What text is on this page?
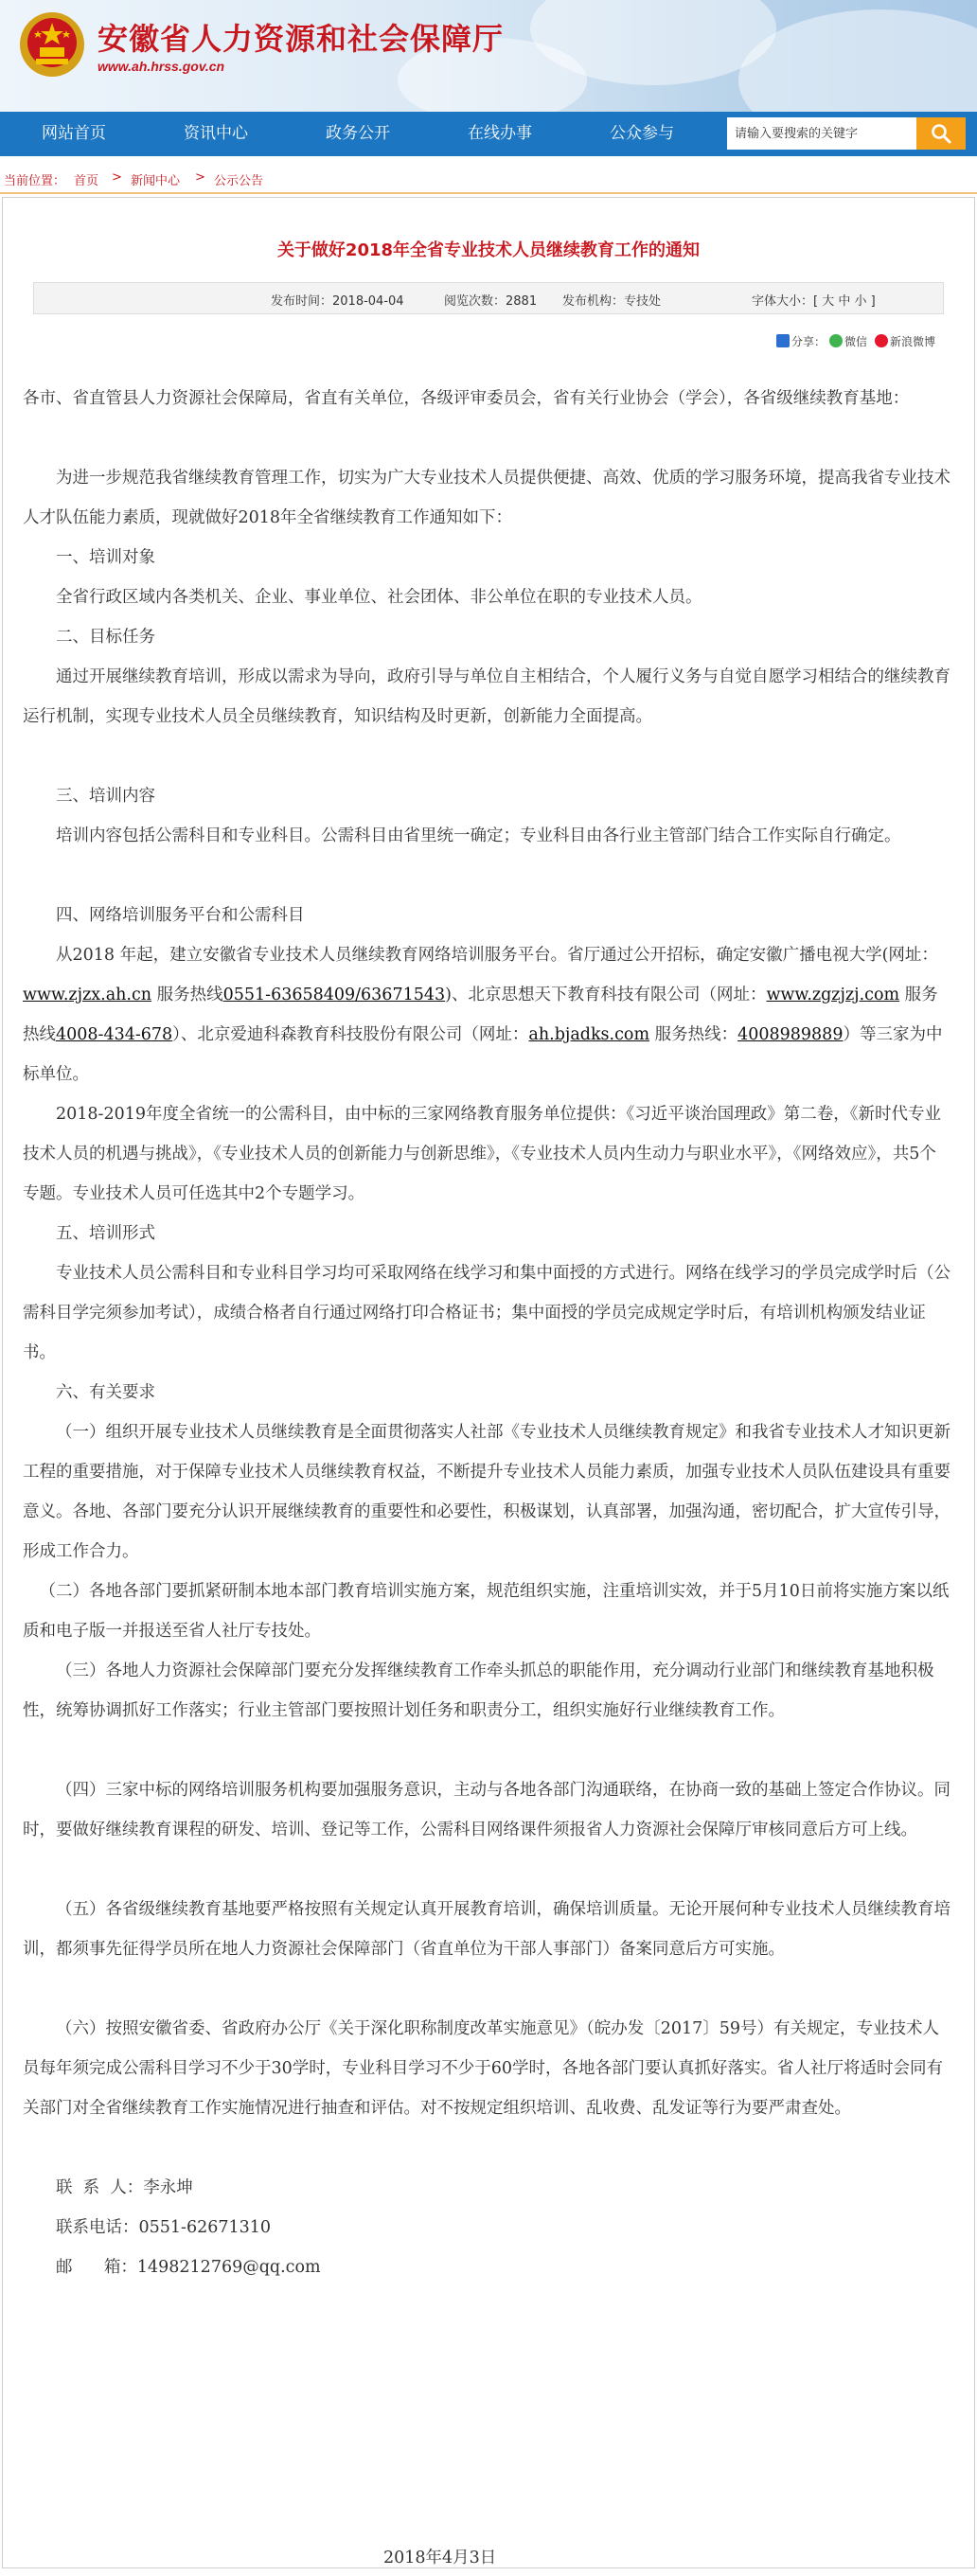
安徽省人力资源和社会保障厅
www.ah.hrss.gov.cn
网站首页	资讯中心	政务公开	在线办事	公众参与
请输入要搜索的关键字
当前位置： 首页 > 新闻中心 > 公示公告
关于做好2018年全省专业技术人员继续教育工作的通知
发布时间：2018-04-04	阅览次数：2881 发布机构：专技处	字体大小：[ 大 中 小 ]
分享：	微信	新浪微博

各市、省直管县人力资源社会保障局，省直有关单位，各级评审委员会，省有关行业协会（学会），各省级继续教育基地：

为进一步规范我省继续教育管理工作，切实为广大专业技术人员提供便捷、高效、优质的学习服务环境，提高我省专业技术人才队伍能力素质，现就做好2018年全省继续教育工作通知如下：

一、培训对象

全省行政区域内各类机关、企业、事业单位、社会团体、非公单位在职的专业技术人员。

二、目标任务

通过开展继续教育培训，形成以需求为导向，政府引导与单位自主相结合，个人履行义务与自觉自愿学习相结合的继续教育运行机制，实现专业技术人员全员继续教育，知识结构及时更新，创新能力全面提高。

三、培训内容

培训内容包括公需科目和专业科目。公需科目由省里统一确定；专业科目由各行业主管部门结合工作实际自行确定。

四、网络培训服务平台和公需科目

从2018 年起，建立安徽省专业技术人员继续教育网络培训服务平台。省厅通过公开招标，确定安徽广播电视大学(网址：www.zjzx.ah.cn 服务热线0551-63658409/63671543)、北京思想天下教育科技有限公司（网址：www.zgzjzj.com 服务热线4008-434-678）、北京爱迪科森教育科技股份有限公司（网址：ah.bjadks.com 服务热线：4008989889）等三家为中标单位。

2018-2019年度全省统一的公需科目，由中标的三家网络教育服务单位提供：《习近平谈治国理政》第二卷，《新时代专业技术人员的机遇与挑战》，《专业技术人员的创新能力与创新思维》，《专业技术人员内生动力与职业水平》，《网络效应》，共5个专题。专业技术人员可任选其中2个专题学习。

五、培训形式

专业技术人员公需科目和专业科目学习均可采取网络在线学习和集中面授的方式进行。网络在线学习的学员完成学时后（公需科目学完须参加考试），成绩合格者自行通过网络打印合格证书；集中面授的学员完成规定学时后，有培训机构颁发结业证书。

六、有关要求

（一）组织开展专业技术人员继续教育是全面贯彻落实人社部《专业技术人员继续教育规定》和我省专业技术人才知识更新工程的重要措施，对于保障专业技术人员继续教育权益，不断提升专业技术人员能力素质，加强专业技术人员队伍建设具有重要意义。各地、各部门要充分认识开展继续教育的重要性和必要性，积极谋划，认真部署，加强沟通，密切配合，扩大宣传引导，形成工作合力。

（二）各地各部门要抓紧研制本地本部门教育培训实施方案，规范组织实施，注重培训实效，并于5月10日前将实施方案以纸质和电子版一并报送至省人社厅专技处。

（三）各地人力资源社会保障部门要充分发挥继续教育工作牵头抓总的职能作用，充分调动行业部门和继续教育基地积极性，统筹协调抓好工作落实；行业主管部门要按照计划任务和职责分工，组织实施好行业继续教育工作。

（四）三家中标的网络培训服务机构要加强服务意识，主动与各地各部门沟通联络，在协商一致的基础上签定合作协议。同时，要做好继续教育课程的研发、培训、登记等工作，公需科目网络课件须报省人力资源社会保障厅审核同意后方可上线。

（五）各省级继续教育基地要严格按照有关规定认真开展教育培训，确保培训质量。无论开展何种专业技术人员继续教育培训，都须事先征得学员所在地人力资源社会保障部门（省直单位为干部人事部门）备案同意后方可实施。

（六）按照安徽省委、省政府办公厅《关于深化职称制度改革实施意见》（皖办发〔2017〕59号）有关规定，专业技术人员每年须完成公需科目学习不少于30学时，专业科目学习不少于60学时，各地各部门要认真抓好落实。省人社厅将适时会同有关部门对全省继续教育工作实施情况进行抽查和评估。对不按规定组织培训、乱收费、乱发证等行为要严肃查处。

联  系  人：李永坤

联系电话：0551-62671310

邮      箱：1498212769@qq.com

2018年4月3日
